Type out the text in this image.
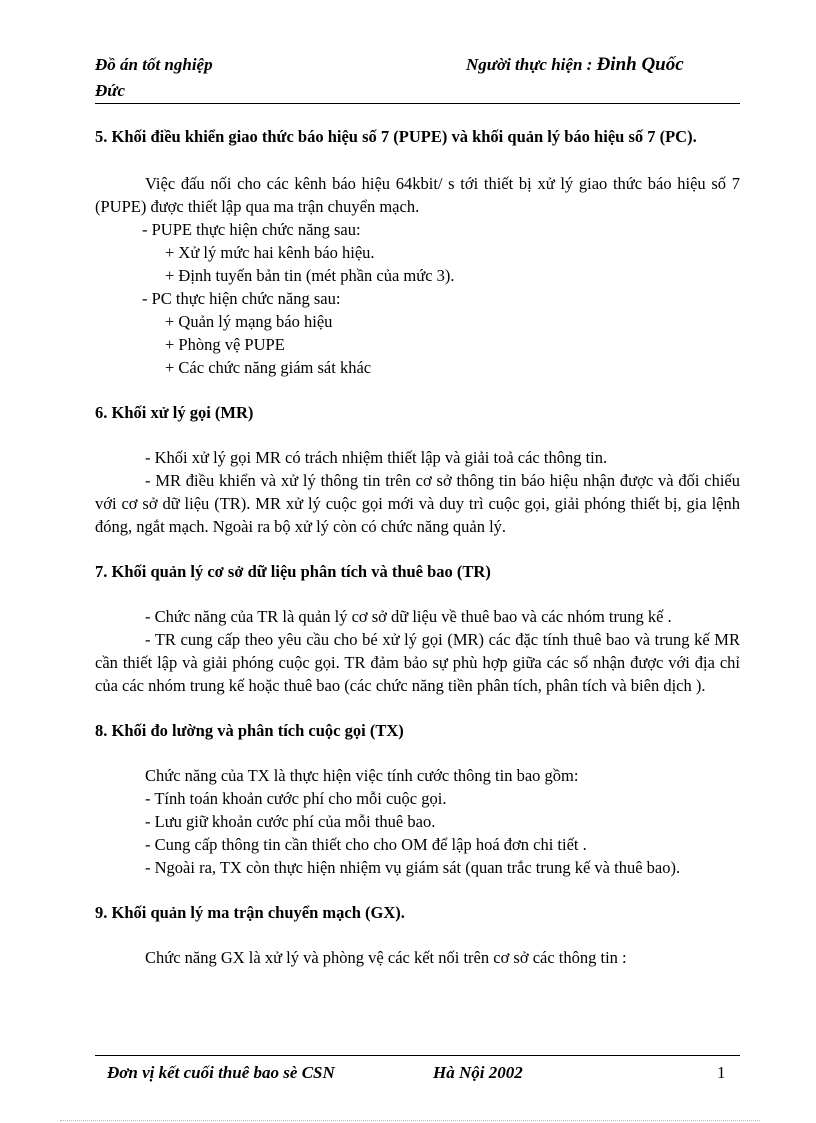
Đồ án tốt nghiệp
Đức
Người thực hiện : Đinh Quốc

5. Khối điều khiển giao thức báo hiệu số 7 (PUPE) và khối quản lý báo hiệu số 7 (PC).

Việc đấu nối cho các kênh báo hiệu 64kbit/ s tới thiết bị xử lý giao thức báo hiệu số 7 (PUPE) được thiết lập qua ma trận chuyển mạch.

- PUPE thực hiện chức năng sau:

+ Xử lý mức hai kênh báo hiệu.

+ Định tuyến bản tin (mét phần của mức 3).

- PC thực hiện chức năng sau:

+ Quản lý mạng báo hiệu

+ Phòng vệ PUPE

+ Các chức năng giám sát khác

6. Khối xử lý gọi (MR)

- Khối xử lý gọi MR có trách nhiệm thiết lập và giải toả các thông tin.

- MR điều khiển và xử lý thông tin trên cơ sở thông tin báo hiệu nhận được và đối chiếu với cơ sở dữ liệu (TR). MR xử lý cuộc gọi mới và duy trì cuộc gọi, giải phóng thiết bị, gia lệnh đóng, ngắt mạch. Ngoài ra bộ xử lý còn có chức năng quản lý.

7. Khối quản lý cơ sở dữ liệu phân tích và thuê bao (TR)

- Chức năng của TR là quản lý cơ sở dữ liệu về thuê bao và các nhóm trung kế .

- TR cung cấp theo yêu cầu cho bé xử lý gọi (MR) các đặc tính thuê bao và trung kế MR cần thiết lập và giải phóng cuộc gọi. TR đảm bảo sự phù hợp giữa các số nhận được với địa chỉ của các nhóm trung kế hoặc thuê bao (các chức năng tiền phân tích, phân tích và biên dịch ).

8. Khối đo lường và phân tích cuộc gọi (TX)

Chức năng của TX là thực hiện việc tính cước thông tin bao gồm:

- Tính toán khoản cước phí cho mỗi cuộc gọi.

- Lưu giữ khoản cước phí của mỗi thuê bao.

- Cung cấp thông tin cần thiết cho cho OM để lập hoá đơn chi tiết .

- Ngoài ra, TX còn thực hiện nhiệm vụ giám sát (quan trắc trung kế và thuê bao).

9. Khối quản lý ma trận chuyển mạch (GX).

Chức năng GX là xử lý và phòng vệ các kết nối trên cơ sở các thông tin :

Đơn vị kết cuối thuê bao sè CSN	Hà Nội 2002	1
